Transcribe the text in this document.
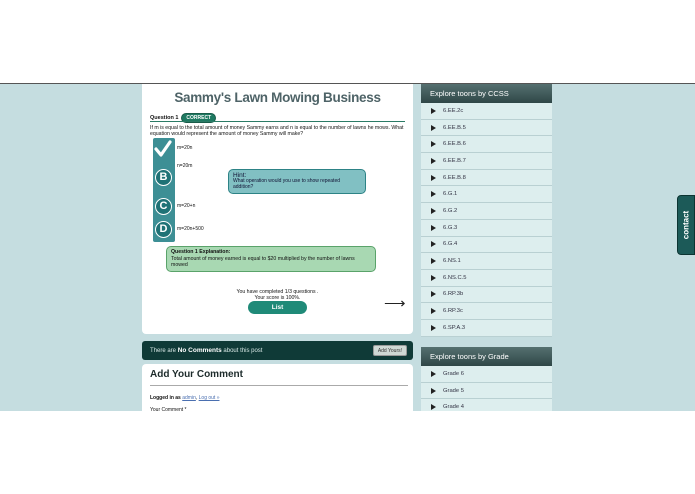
Sammy's Lawn Mowing Business
Question 1	CORRECT
If m is equal to the total amount of money Sammy earns and n is equal to the number of lawns he mows. What equation would represent the amount of money Sammy will make?
m=20n
n=20m
B
C	m=20+n
D	m=20n+500
Hint:
What operation would you use to show repeated addition?
Question 1 Explanation:
Total amount of money earned is equal to $20 multiplied by the number of lawns mowed
You have completed 1/3 questions .
Your score is 100%.
List	⟶
There are No Comments about this post	Add Yours!
Add Your Comment
Logged in as admin, Log out »
Your Comment *
Explore toons by CCSS
6.EE.2c
6.EE.B.5
6.EE.B.6
6.EE.B.7
6.EE.B.8
6.G.1
6.G.2
6.G.3
6.G.4
6.NS.1
6.NS.C.5
6.RP.3b
6.RP.3c
6.SP.A.3
Explore toons by Grade
Grade 6
Grade 5
Grade 4
contact
